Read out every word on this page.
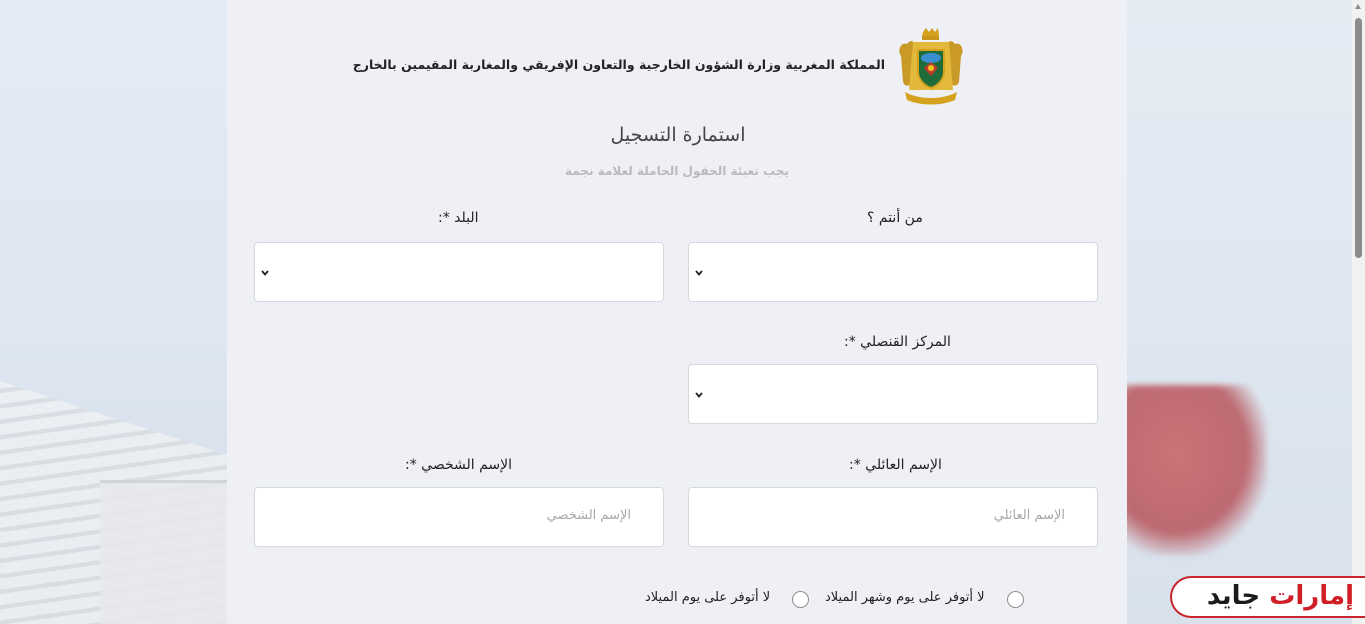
المملكة المغربية وزارة الشؤون الخارجية والتعاون الإفريقي والمغاربة المقيمين بالخارج
استمارة التسجيل
يجب تعبئة الحقول الحاملة لعلامة نجمة
من أنتم ؟
البلد *:
المركز القنصلي *:
الإسم العائلي *:
الإسم العائلي
الإسم الشخصي *:
الإسم الشخصي
لا أتوفر على يوم وشهر الميلاد
لا أتوفر على يوم الميلاد	إمارات جايد
